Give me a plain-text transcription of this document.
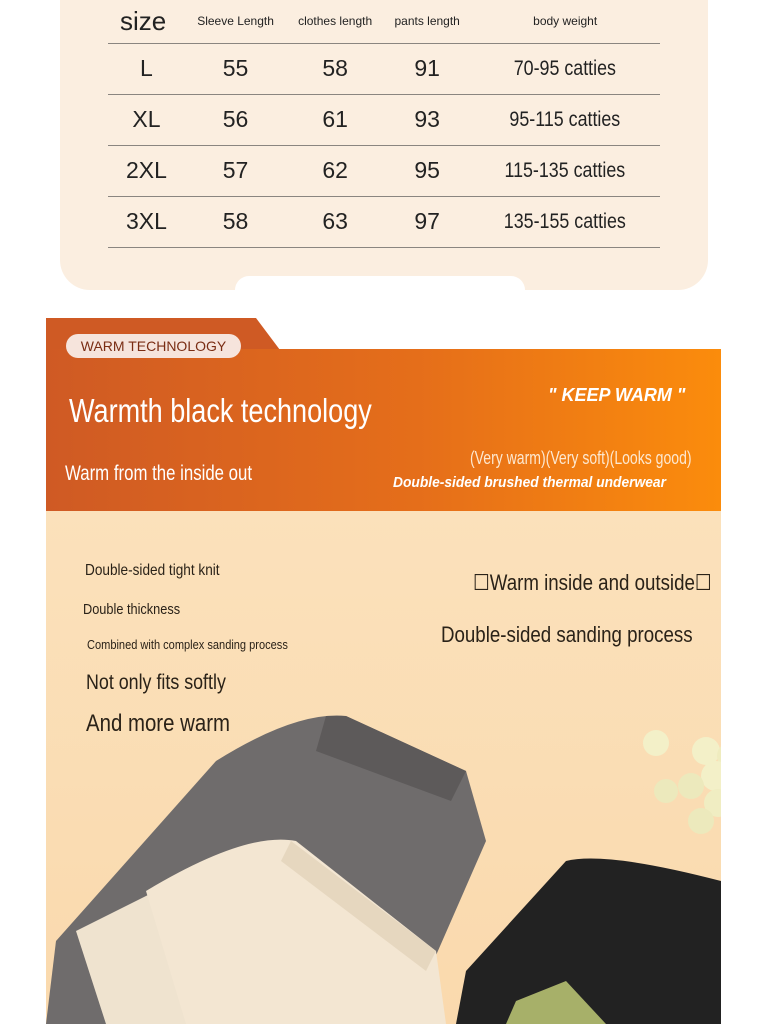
size	Sleeve Length	clothes length	pants length	body weight
L	55	58	91	70-95 catties
XL	56	61	93	95-115 catties
2XL	57	62	95	115-135 catties
3XL	58	63	97	135-155 catties
WARM TECHNOLOGY
Warmth black technology
Warm from the inside out
" KEEP WARM "
(Very warm)(Very soft)(Looks good)
Double-sided brushed thermal underwear
Double-sided tight knit
Double thickness
Combined with complex sanding process
Not only fits softly
And more warm
☐Warm inside and outside☐
Double-sided sanding process
